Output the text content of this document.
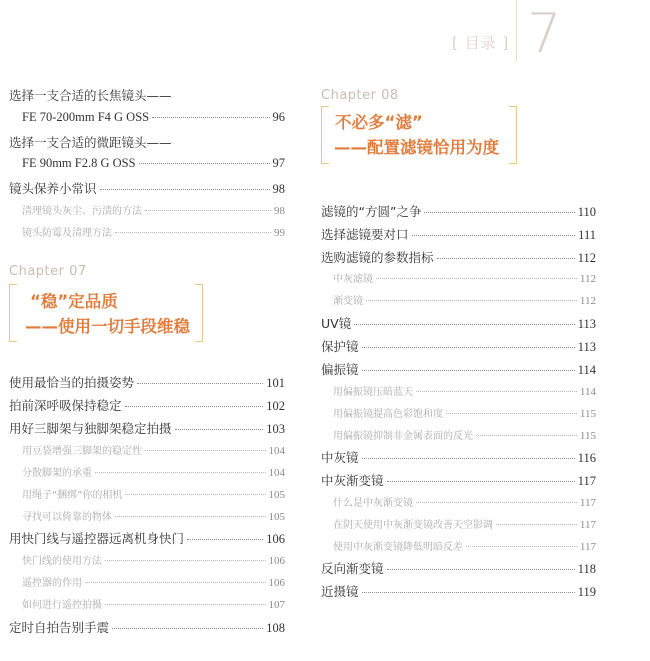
[ 目录 ] 7
选择一支合适的长焦镜头——
FE 70-200mm F4 G OSS	96
选择一支合适的微距镜头——
FE 90mm F2.8 G OSS	97
镜头保养小常识	98
清理镜头灰尘、污渍的方法	98
镜头防霉及清理方法	99
Chapter 07
“稳”定品质
——使用一切手段维稳
使用最恰当的拍摄姿势	101
拍前深呼吸保持稳定	102
用好三脚架与独脚架稳定拍摄	103
用豆袋增强三脚架的稳定性	104
分散脚架的承重	104
用绳子“捆绑”你的相机	105
寻找可以倚靠的物体	105
用快门线与遥控器远离机身快门	106
快门线的使用方法	106
遥控器的作用	106
如何进行遥控拍摄	107
定时自拍告别手震	108
Chapter 08
不必多“滤”
——配置滤镜恰用为度
滤镜的“方圆”之争	110
选择滤镜要对口	111
选购滤镜的参数指标	112
中灰滤镜	112
渐变镜	112
UV镜	113
保护镜	113
偏振镜	114
用偏振镜压暗蓝天	114
用偏振镜提高色彩饱和度	115
用偏振镜抑制非金属表面的反光	115
中灰镜	116
中灰渐变镜	117
什么是中灰渐变镜	117
在阴天使用中灰渐变镜改善天空影调	117
使用中灰渐变镜降低明暗反差	117
反向渐变镜	118
近摄镜	119
